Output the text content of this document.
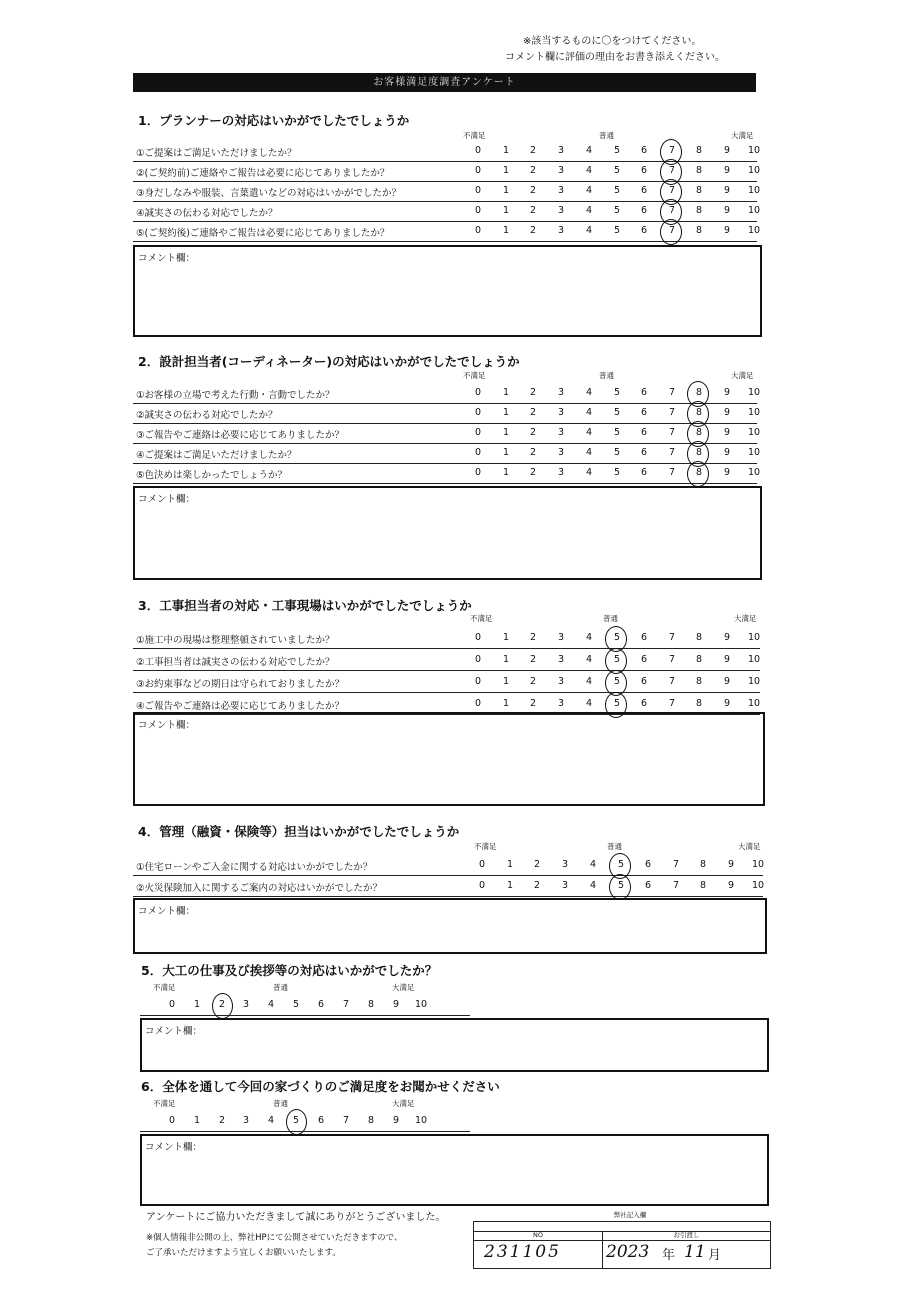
※該当するものに〇をつけてください。
コメント欄に評価の理由をお書き添えください。
お客様満足度調査アンケート
1．プランナーの対応はいかがでしたでしょうか
不満足	普通	大満足
①ご提案はご満足いただけましたか？	0	1	2	3	4	5	6	7	8	9	10
②(ご契約前)ご連絡やご報告は必要に応じてありましたか？	0	1	2	3	4	5	6	7	8	9	10
③身だしなみや服装、言葉遣いなどの対応はいかがでしたか？	0	1	2	3	4	5	6	7	8	9	10
④誠実さの伝わる対応でしたか？	0	1	2	3	4	5	6	7	8	9	10
⑤(ご契約後)ご連絡やご報告は必要に応じてありましたか？	0	1	2	3	4	5	6	7	8	9	10
コメント欄：
2．設計担当者(コーディネーター)の対応はいかがでしたでしょうか
不満足	普通	大満足
①お客様の立場で考えた行動・言動でしたか？	0	1	2	3	4	5	6	7	8	9	10
②誠実さの伝わる対応でしたか？	0	1	2	3	4	5	6	7	8	9	10
③ご報告やご連絡は必要に応じてありましたか？	0	1	2	3	4	5	6	7	8	9	10
④ご提案はご満足いただけましたか？	0	1	2	3	4	5	6	7	8	9	10
⑤色決めは楽しかったでしょうか？	0	1	2	3	4	5	6	7	8	9	10
コメント欄：
3．工事担当者の対応・工事現場はいかがでしたでしょうか
不満足	普通	大満足
①施工中の現場は整理整頓されていましたか？	0	1	2	3	4	5	6	7	8	9	10
②工事担当者は誠実さの伝わる対応でしたか？	0	1	2	3	4	5	6	7	8	9	10
③お約束事などの期日は守られておりましたか？	0	1	2	3	4	5	6	7	8	9	10
④ご報告やご連絡は必要に応じてありましたか？	0	1	2	3	4	5	6	7	8	9	10
コメント欄：
4．管理（融資・保険等）担当はいかがでしたでしょうか
不満足	普通	大満足
①住宅ローンやご入金に関する対応はいかがでしたか？	0	1	2	3	4	5	6	7	8	9	10
②火災保険加入に関するご案内の対応はいかがでしたか？	0	1	2	3	4	5	6	7	8	9	10
コメント欄：
5．大工の仕事及び挨拶等の対応はいかがでしたか？
不満足	普通	大満足
0	1	2	3	4	5	6	7	8	9	10
コメント欄：
6．全体を通して今回の家づくりのご満足度をお聞かせください
不満足	普通	大満足
0	1	2	3	4	5	6	7	8	9	10
コメント欄：
アンケートにご協力いただきまして誠にありがとうございました。
※個人情報非公開の上、弊社HPにて公開させていただきますので、
ご了承いただけますよう宜しくお願いいたします。
弊社記入欄
NO	お引渡し
231105	2023 年 11 月
